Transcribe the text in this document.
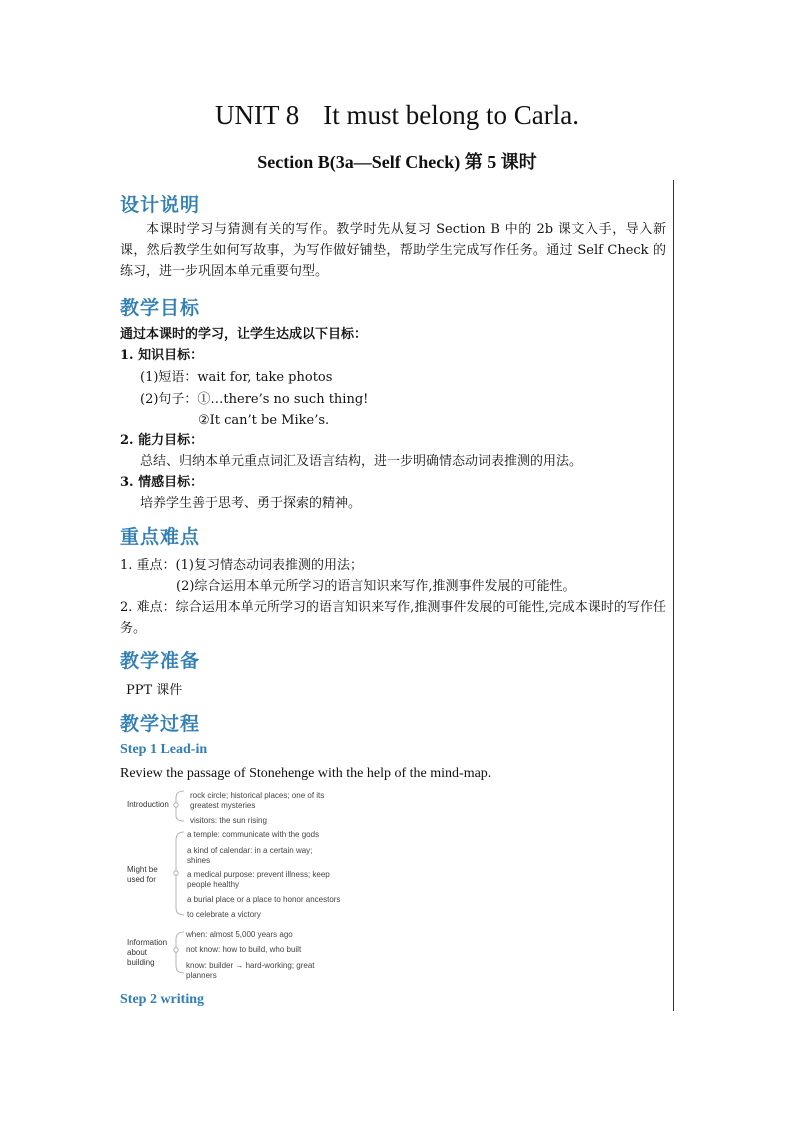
UNIT 8 It must belong to Carla.
Section B(3a—Self Check) 第 5 课时
设计说明
本课时学习与猜测有关的写作。教学时先从复习 Section B 中的 2b 课文入手，导入新课，然后教学生如何写故事，为写作做好铺垫，帮助学生完成写作任务。通过 Self Check 的练习，进一步巩固本单元重要句型。
教学目标
通过本课时的学习，让学生达成以下目标：
1. 知识目标：
(1)短语：wait for, take photos
(2)句子：①…there’s no such thing!
②It can’t be Mike’s.
2. 能力目标：
总结、归纳本单元重点词汇及语言结构，进一步明确情态动词表推测的用法。
3. 情感目标：
培养学生善于思考、勇于探索的精神。
重点难点
1. 重点：(1)复习情态动词表推测的用法；
(2)综合运用本单元所学习的语言知识来写作,推测事件发展的可能性。
2. 难点：综合运用本单元所学习的语言知识来写作,推测事件发展的可能性,完成本课时的写作任务。
教学准备
PPT 课件
教学过程
Step 1 Lead-in
Review the passage of Stonehenge with the help of the mind-map.
Introduction
rock circle; historical places; one of its greatest mysteries
visitors: the sun rising
Might be used for
a temple: communicate with the gods
a kind of calendar: in a certain way; shines
a medical purpose: prevent illness; keep people healthy
a burial place or a place to honor ancestors
to celebrate a victory
Information about building
when: almost 5,000 years ago
not know: how to build, who built
know: builder → hard-working; great planners
Step 2 writing
